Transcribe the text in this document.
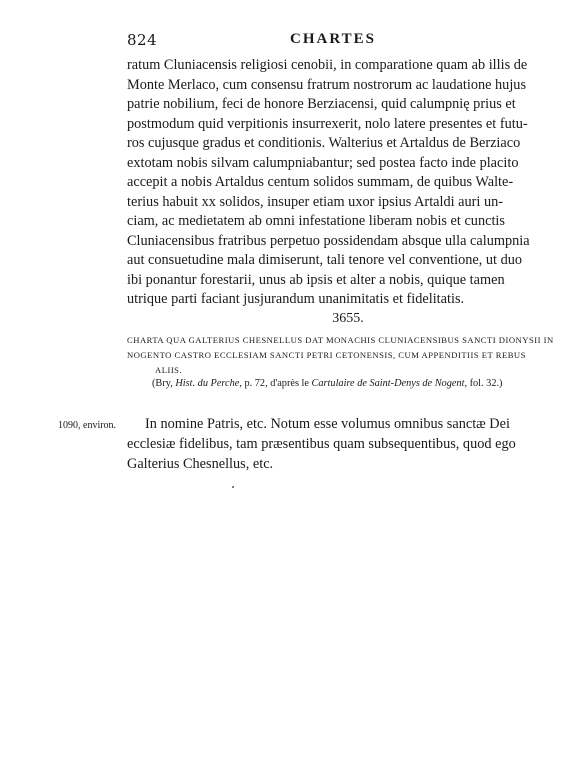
824	CHARTES
ratum Cluniacensis religiosi cenobii, in comparatione quam ab illis de
Monte Merlaco, cum consensu fratrum nostrorum ac laudatione hujus
patrie nobilium, feci de honore Berziacensi, quid calumpnię prius et
postmodum quid verpitionis insurrexerit, nolo latere presentes et futu-
ros cujusque gradus et conditionis. Walterius et Artaldus de Berziaco
extotam nobis silvam calumpniabantur; sed postea facto inde placito
accepit a nobis Artaldus centum solidos summam, de quibus Walte-
terius habuit xx solidos, insuper etiam uxor ipsius Artaldi auri un-
ciam, ac medietatem ab omni infestatione liberam nobis et cunctis
Cluniacensibus fratribus perpetuo possidendam absque ulla calumpnia
aut consuetudine mala dimiserunt, tali tenore vel conventione, ut duo
ibi ponantur forestarii, unus ab ipsis et alter a nobis, quique tamen
utrique parti faciant jusjurandum unanimitatis et fidelitatis.
3655.
CHARTA QUA GALTERIUS CHESNELLUS DAT MONACHIS CLUNIACENSIBUS SANCTI DIONYSII IN
NOGENTO CASTRO ECCLESIAM SANCTI PETRI CETONENSIS, CUM APPENDITIIS ET REBUS
ALIIS.
(Bry, Hist. du Perche, p. 72, d'après le Cartulaire de Saint-Denys de Nogent, fol. 32.)
1090, environ.	In nomine Patris, etc. Notum esse volumus omnibus sanctæ Dei
ecclesiæ fidelibus, tam præsentibus quam subsequentibus, quod ego
Galterius Chesnellus, etc.
